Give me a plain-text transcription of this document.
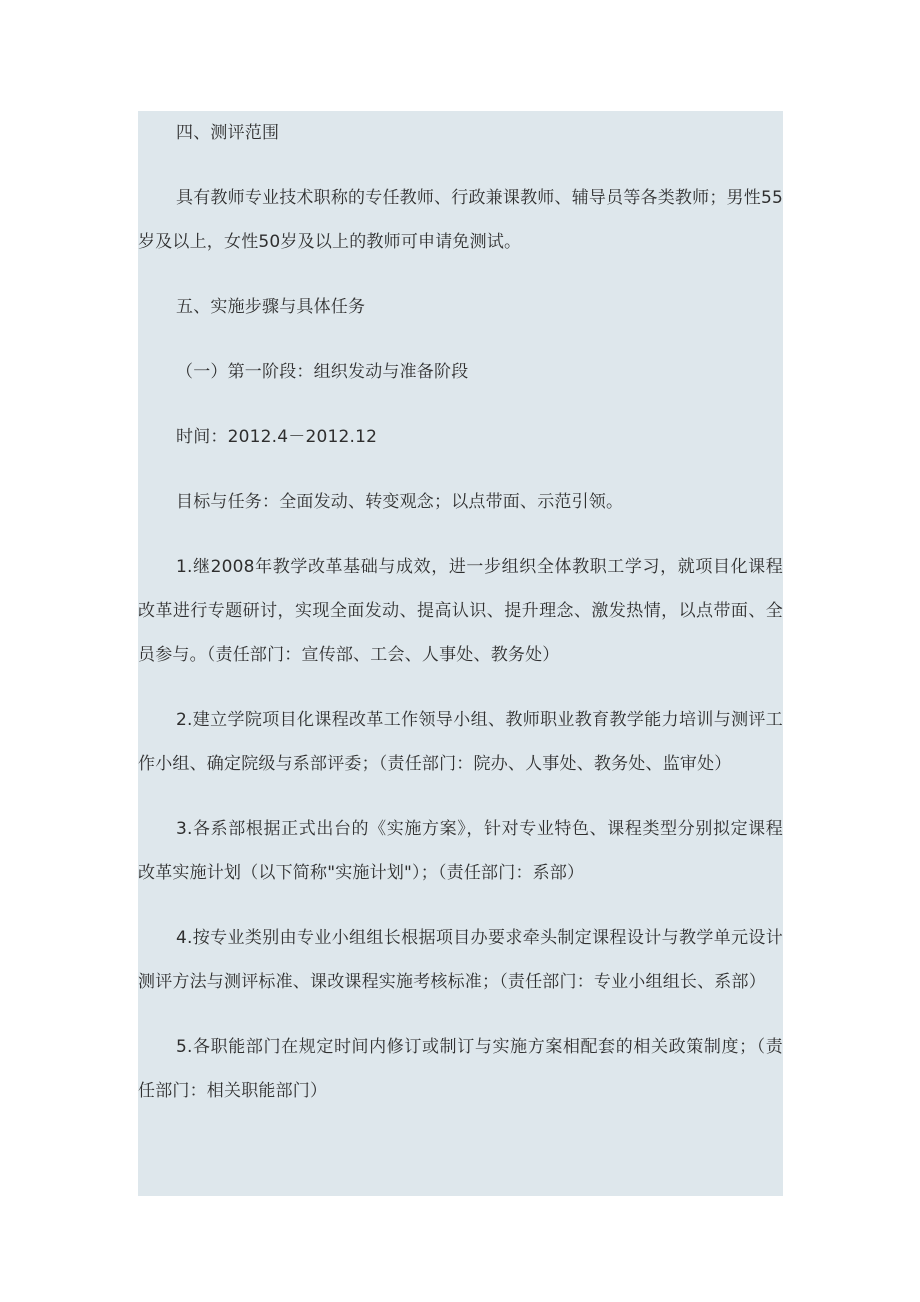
四、测评范围

具有教师专业技术职称的专任教师、行政兼课教师、辅导员等各类教师；男性55岁及以上，女性50岁及以上的教师可申请免测试。

五、实施步骤与具体任务

（一）第一阶段：组织发动与准备阶段

时间：2012.4－2012.12

目标与任务：全面发动、转变观念；以点带面、示范引领。

1.继2008年教学改革基础与成效，进一步组织全体教职工学习，就项目化课程改革进行专题研讨，实现全面发动、提高认识、提升理念、激发热情，以点带面、全员参与。（责任部门：宣传部、工会、人事处、教务处）

2.建立学院项目化课程改革工作领导小组、教师职业教育教学能力培训与测评工作小组、确定院级与系部评委；（责任部门：院办、人事处、教务处、监审处）

3.各系部根据正式出台的《实施方案》，针对专业特色、课程类型分别拟定课程改革实施计划（以下简称"实施计划"）；（责任部门：系部）

4.按专业类别由专业小组组长根据项目办要求牵头制定课程设计与教学单元设计测评方法与测评标准、课改课程实施考核标准；（责任部门：专业小组组长、系部）

5.各职能部门在规定时间内修订或制订与实施方案相配套的相关政策制度；（责任部门：相关职能部门）
